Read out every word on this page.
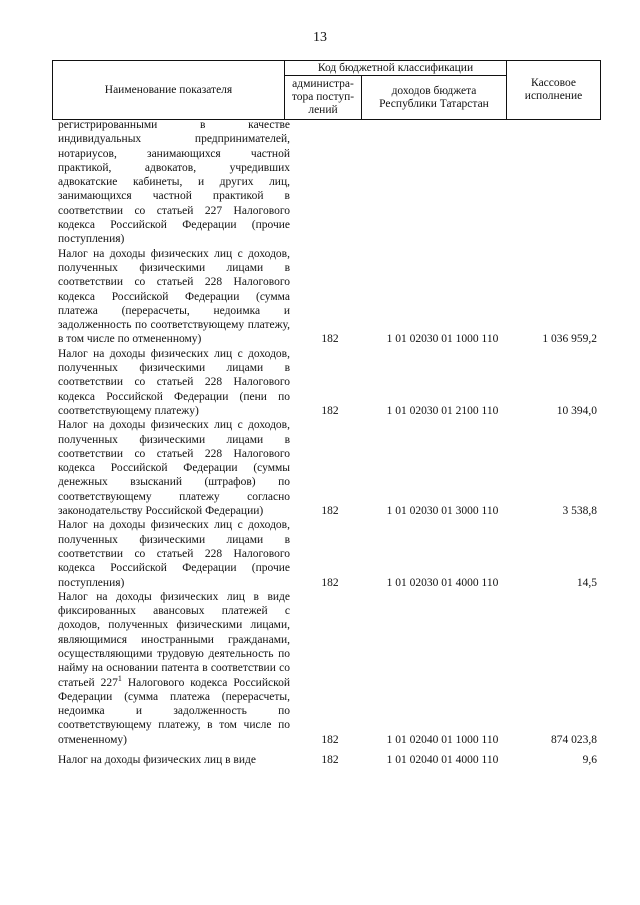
13
Наименование показателя	Код бюджетной классификации		Кассовое исполнение
	администра-тора поступ-лений	доходов бюджета Республики Татарстан	
регистрированными в качестве индивидуальных предпринимателей, нотариусов, занимающихся частной практикой, адвокатов, учредивших адвокатские кабинеты, и других лиц, занимающихся частной практикой в соответствии со статьей 227 Налогового кодекса Российской Федерации (прочие поступления)
Налог на доходы физических лиц с доходов, полученных физическими лицами в соответствии со статьей 228 Налогового кодекса Российской Федерации (сумма платежа (перерасчеты, недоимка и задолженность по соответствующему платежу, в том числе по отмененному)	182	1 01 02030 01 1000 110	1 036 959,2
Налог на доходы физических лиц с доходов, полученных физическими лицами в соответствии со статьей 228 Налогового кодекса Российской Федерации (пени по соответствующему платежу)	182	1 01 02030 01 2100 110	10 394,0
Налог на доходы физических лиц с доходов, полученных физическими лицами в соответствии со статьей 228 Налогового кодекса Российской Федерации (суммы денежных взысканий (штрафов) по соответствующему платежу согласно законодательству Российской Федерации)	182	1 01 02030 01 3000 110	3 538,8
Налог на доходы физических лиц с доходов, полученных физическими лицами в соответствии со статьей 228 Налогового кодекса Российской Федерации (прочие поступления)	182	1 01 02030 01 4000 110	14,5
Налог на доходы физических лиц в виде фиксированных авансовых платежей с доходов, полученных физическими лицами, являющимися иностранными гражданами, осуществляющими трудовую деятельность по найму на основании патента в соответствии со статьей $227^1$ Налогового кодекса Российской Федерации (сумма платежа (перерасчеты, недоимка и задолженность по соответствующему платежу, в том числе по отмененному)	182	1 01 02040 01 1000 110	874 023,8
Налог на доходы физических лиц в виде	182	1 01 02040 01 4000 110	9,6
